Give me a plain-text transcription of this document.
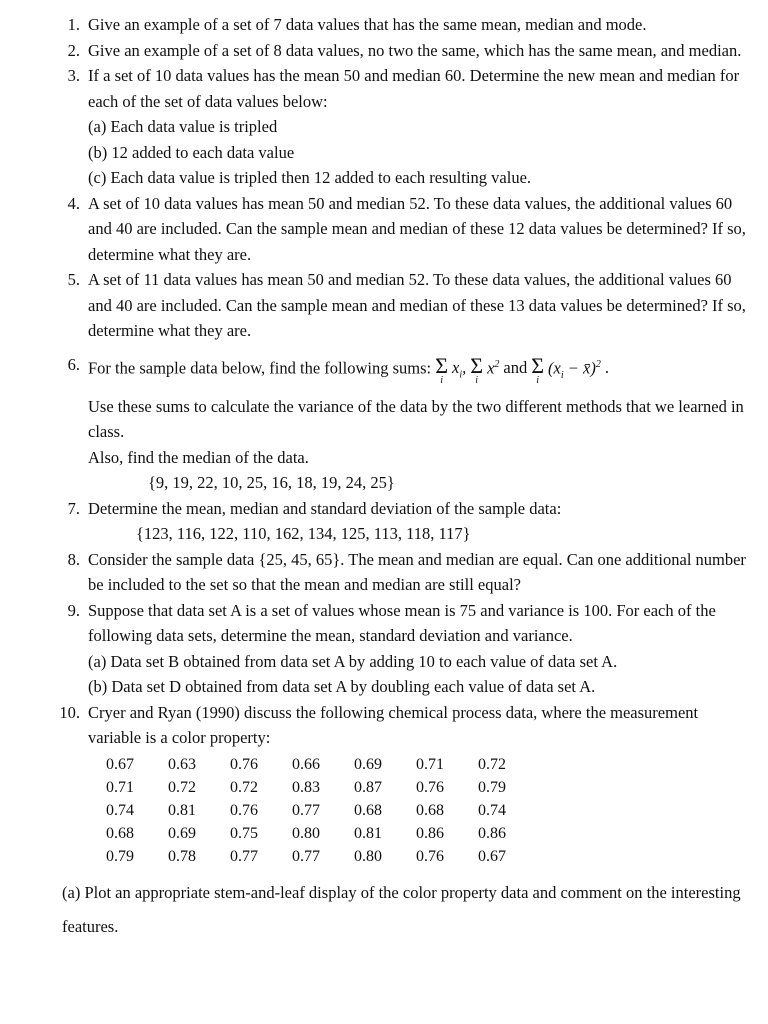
1. Give an example of a set of 7 data values that has the same mean, median and mode.
2. Give an example of a set of 8 data values, no two the same, which has the same mean, and median.
3. If a set of 10 data values has the mean 50 and median 60. Determine the new mean and median for each of the set of data values below:
(a) Each data value is tripled
(b) 12 added to each data value
(c) Each data value is tripled then 12 added to each resulting value.
4. A set of 10 data values has mean 50 and median 52. To these data values, the additional values 60 and 40 are included. Can the sample mean and median of these 12 data values be determined? If so, determine what they are.
5. A set of 11 data values has mean 50 and median 52. To these data values, the additional values 60 and 40 are included. Can the sample mean and median of these 13 data values be determined? If so, determine what they are.
6. For the sample data below, find the following sums: Σ
i
$x_i$, Σ
i
$x^2$ and Σ
i
($x_i$ − x̄)$^2$ .
Use these sums to calculate the variance of the data by the two different methods that we learned in class.
Also, find the median of the data.
{9, 19, 22, 10, 25, 16, 18, 19, 24, 25}
7. Determine the mean, median and standard deviation of the sample data:
{123, 116, 122, 110, 162, 134, 125, 113, 118, 117}
8. Consider the sample data {25, 45, 65}. The mean and median are equal. Can one additional number be included to the set so that the mean and median are still equal?
9. Suppose that data set A is a set of values whose mean is 75 and variance is 100. For each of the following data sets, determine the mean, standard deviation and variance.
(a) Data set B obtained from data set A by adding 10 to each value of data set A.
(b) Data set D obtained from data set A by doubling each value of data set A.
10. Cryer and Ryan (1990) discuss the following chemical process data, where the measurement variable is a color property:
0.67	0.63	0.76	0.66	0.69	0.71	0.72
0.71	0.72	0.72	0.83	0.87	0.76	0.79
0.74	0.81	0.76	0.77	0.68	0.68	0.74
0.68	0.69	0.75	0.80	0.81	0.86	0.86
0.79	0.78	0.77	0.77	0.80	0.76	0.67
(a) Plot an appropriate stem-and-leaf display of the color property data and comment on the interesting features.
